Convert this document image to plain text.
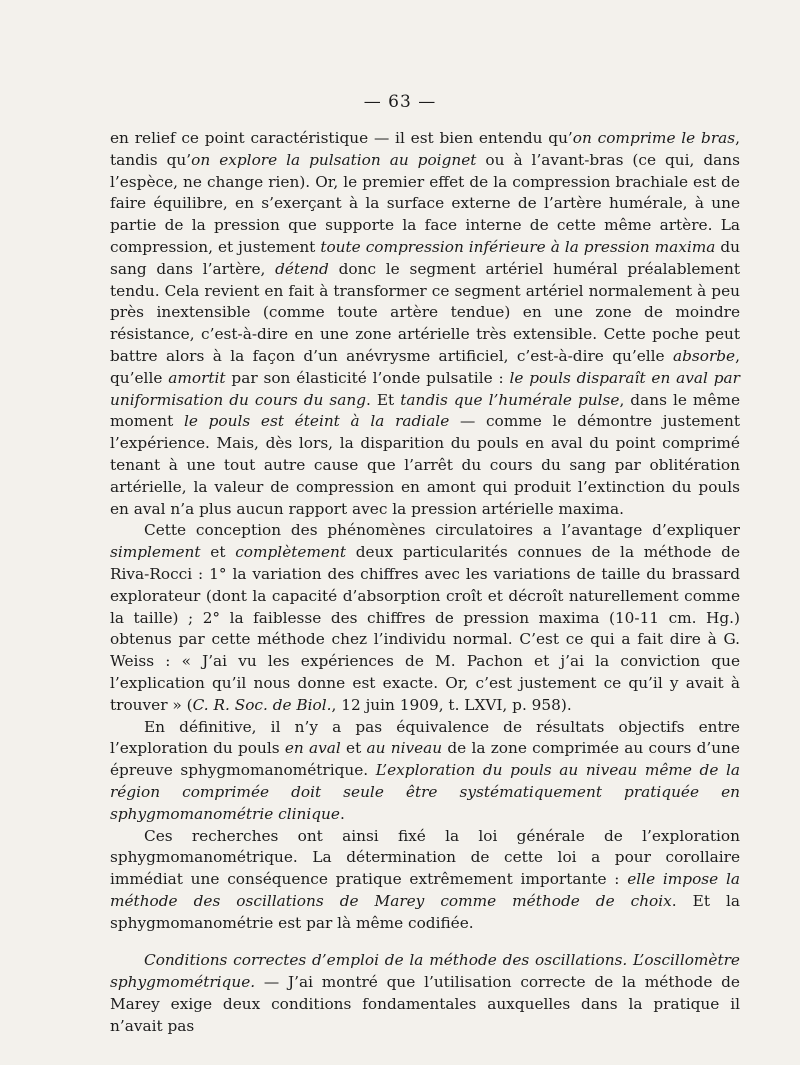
— 63 —

en relief ce point caractéristique — il est bien entendu qu’on comprime le bras, tandis qu’on explore la pulsation au poignet ou à l’avant-bras (ce qui, dans l’espèce, ne change rien). Or, le premier effet de la compression brachiale est de faire équilibre, en s’exerçant à la surface externe de l’artère humérale, à une partie de la pression que supporte la face interne de cette même artère. La compression, et justement toute compression inférieure à la pression maxima du sang dans l’artère, détend donc le segment artériel huméral préalablement tendu. Cela revient en fait à transformer ce segment artériel normalement à peu près inextensible (comme toute artère tendue) en une zone de moindre résistance, c’est-à-dire en une zone artérielle très extensible. Cette poche peut battre alors à la façon d’un anévrysme artificiel, c’est-à-dire qu’elle absorbe, qu’elle amortit par son élasticité l’onde pulsatile : le pouls disparaît en aval par uniformisation du cours du sang. Et tandis que l’humérale pulse, dans le même moment le pouls est éteint à la radiale — comme le démontre justement l’expérience. Mais, dès lors, la disparition du pouls en aval du point comprimé tenant à une tout autre cause que l’arrêt du cours du sang par oblitération artérielle, la valeur de compression en amont qui produit l’extinction du pouls en aval n’a plus aucun rapport avec la pression artérielle maxima.

Cette conception des phénomènes circulatoires a l’avantage d’expliquer simplement et complètement deux particularités connues de la méthode de Riva-Rocci : 1° la variation des chiffres avec les variations de taille du brassard explorateur (dont la capacité d’absorption croît et décroît naturellement comme la taille) ; 2° la faiblesse des chiffres de pression maxima (10-11 cm. Hg.) obtenus par cette méthode chez l’individu normal. C’est ce qui a fait dire à G. Weiss : « J’ai vu les expériences de M. Pachon et j’ai la conviction que l’explication qu’il nous donne est exacte. Or, c’est justement ce qu’il y avait à trouver » (C. R. Soc. de Biol., 12 juin 1909, t. LXVI, p. 958).

En définitive, il n’y a pas équivalence de résultats objectifs entre l’exploration du pouls en aval et au niveau de la zone comprimée au cours d’une épreuve sphygmomanométrique. L’exploration du pouls au niveau même de la région comprimée doit seule être systématiquement pratiquée en sphygmomanométrie clinique.

Ces recherches ont ainsi fixé la loi générale de l’exploration sphygmomanométrique. La détermination de cette loi a pour corollaire immédiat une conséquence pratique extrêmement importante : elle impose la méthode des oscillations de Marey comme méthode de choix. Et la sphygmomanométrie est par là même codifiée.

Conditions correctes d’emploi de la méthode des oscillations. L’oscillomètre sphygmométrique. — J’ai montré que l’utilisation correcte de la méthode de Marey exige deux conditions fondamentales auxquelles dans la pratique il n’avait pas
